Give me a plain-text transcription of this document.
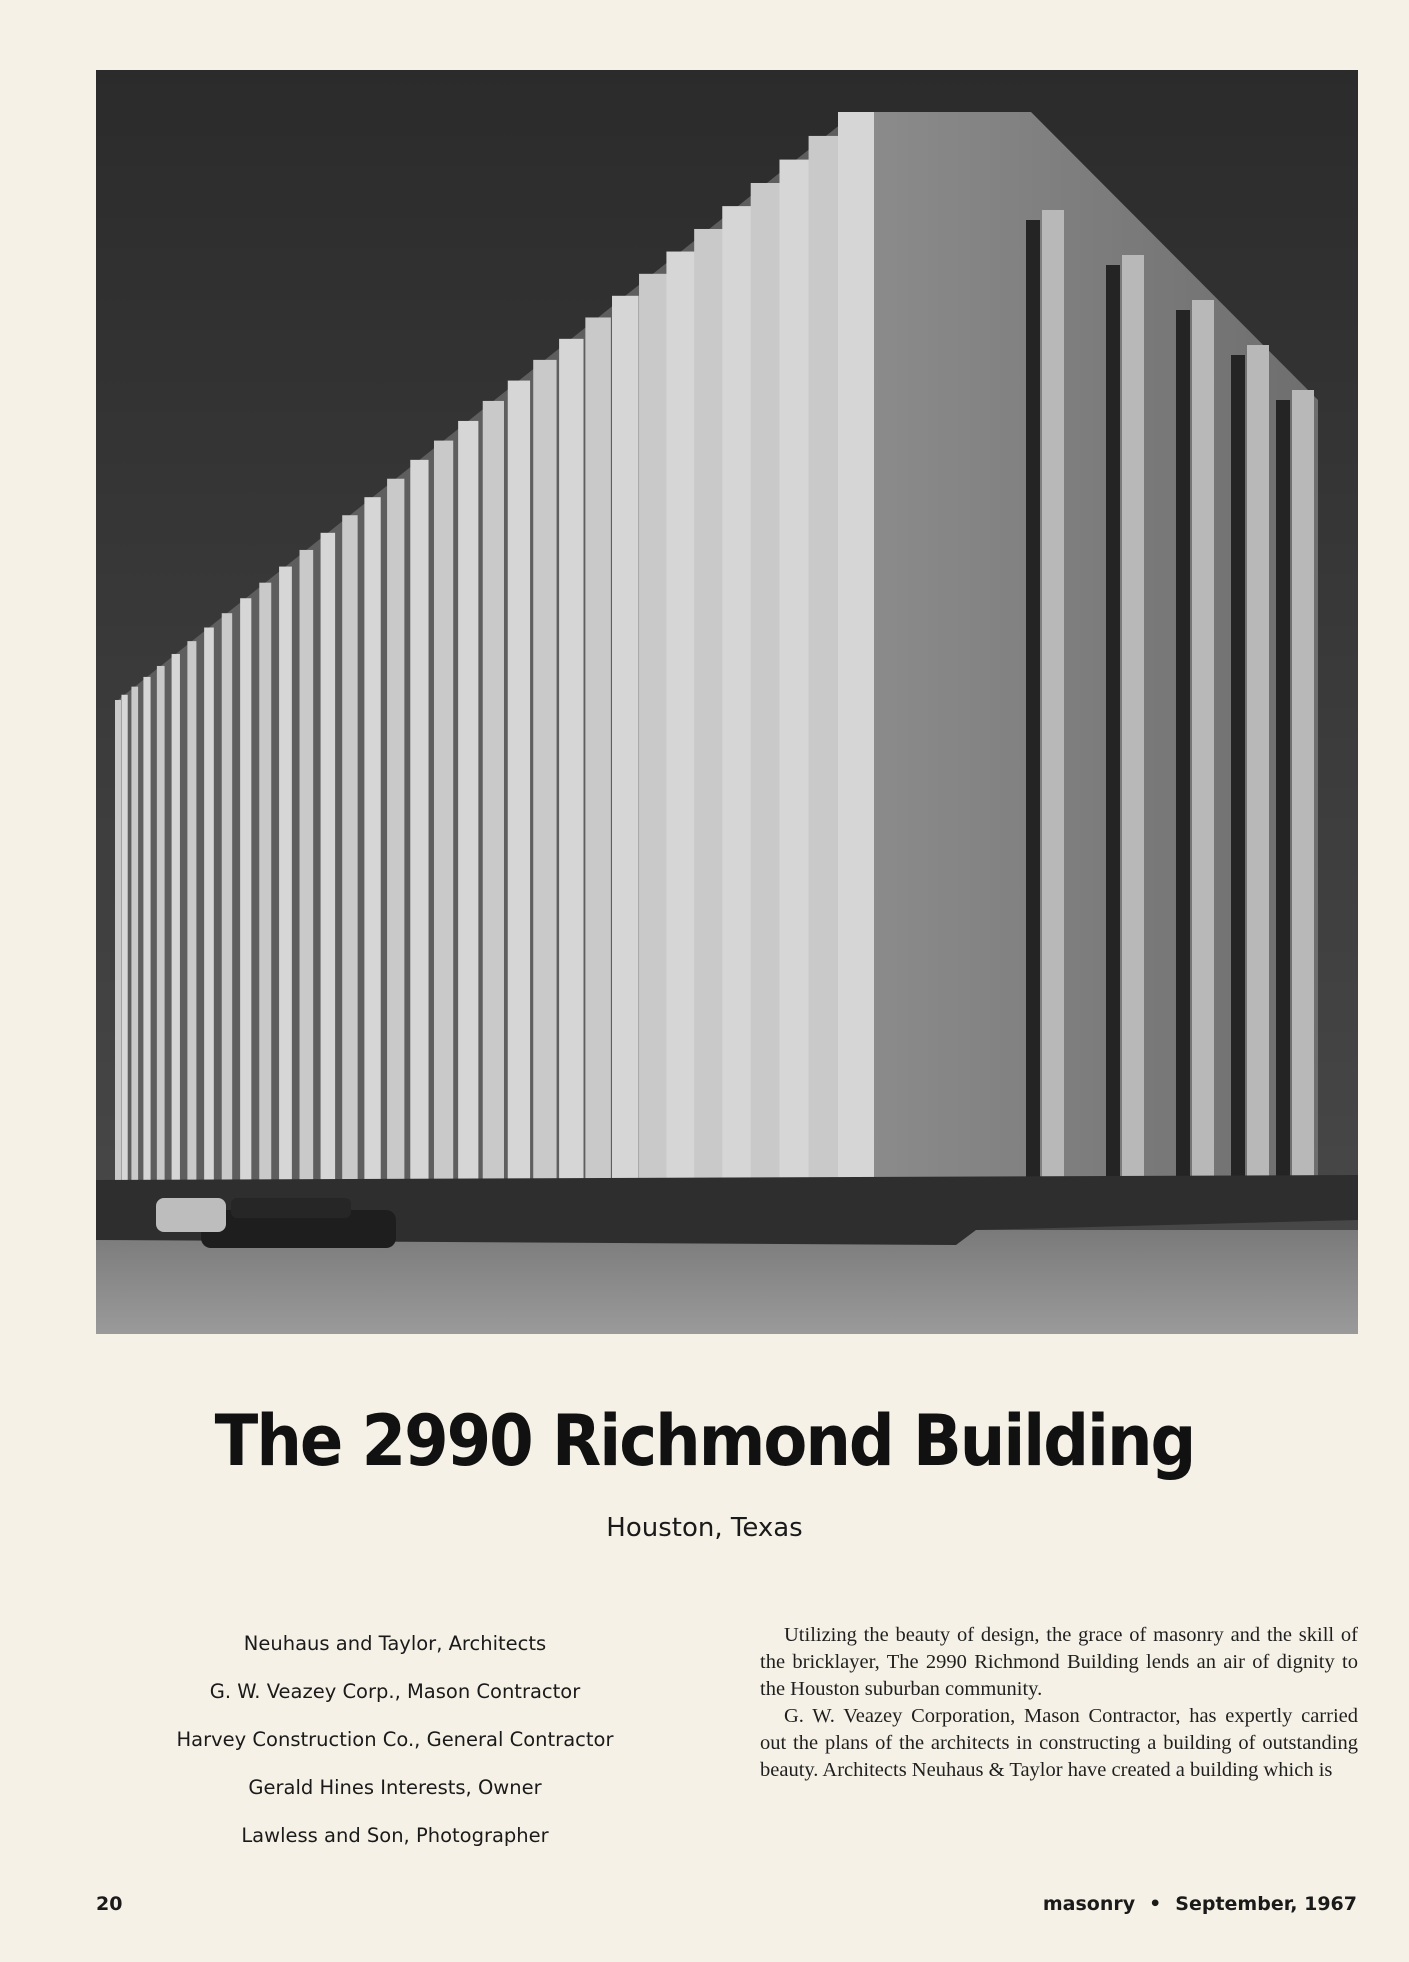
The 2990 Richmond Building
Houston, Texas
Neuhaus and Taylor, Architects
G. W. Veazey Corp., Mason Contractor
Harvey Construction Co., General Contractor
Gerald Hines Interests, Owner
Lawless and Son, Photographer

Utilizing the beauty of design, the grace of masonry and the skill of the bricklayer, The 2990 Richmond Building lends an air of dignity to the Houston suburban community.

G. W. Veazey Corporation, Mason Contractor, has expertly carried out the plans of the architects in constructing a building of outstanding beauty. Architects Neuhaus & Taylor have created a building which is

20	masonry • September, 1967
